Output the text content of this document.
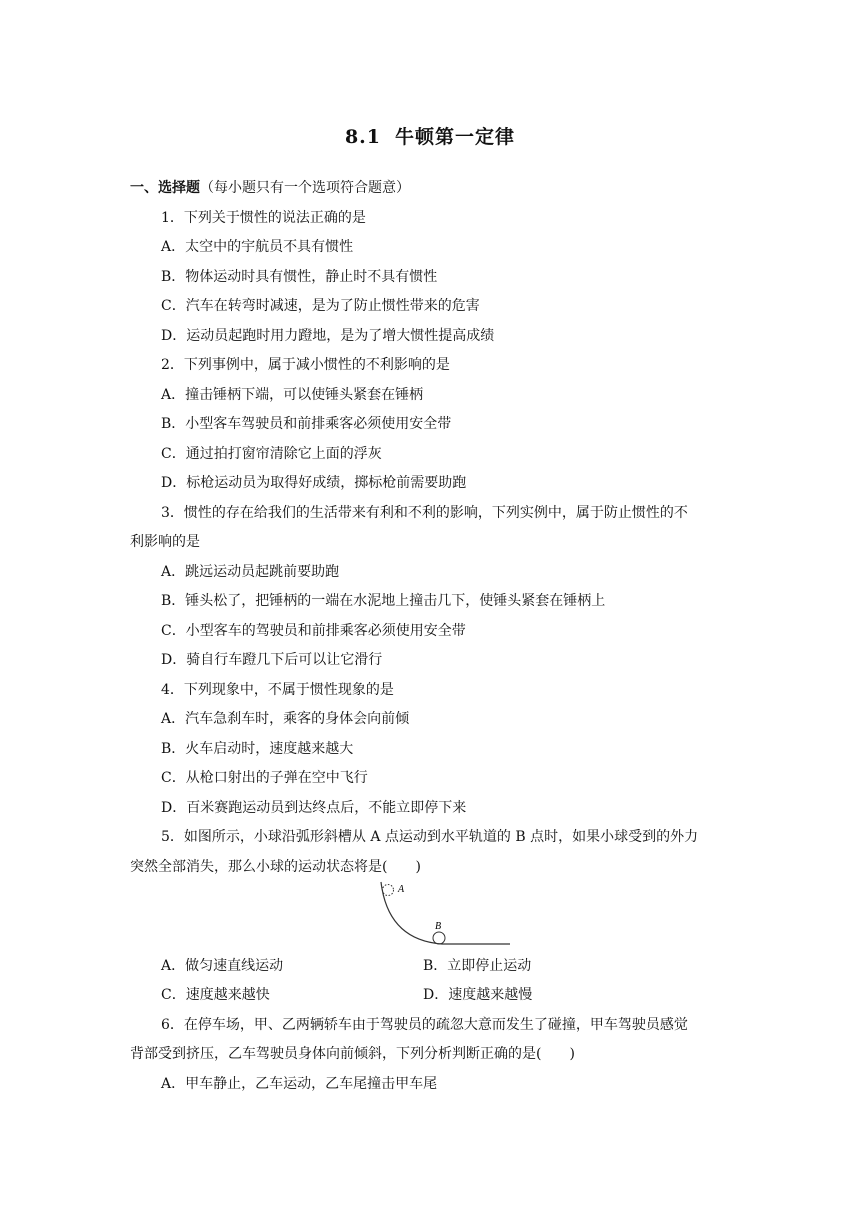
8.1 牛顿第一定律
一、选择题（每小题只有一个选项符合题意）
1．下列关于惯性的说法正确的是
A．太空中的宇航员不具有惯性
B．物体运动时具有惯性，静止时不具有惯性
C．汽车在转弯时减速，是为了防止惯性带来的危害
D．运动员起跑时用力蹬地，是为了增大惯性提高成绩
2．下列事例中，属于减小惯性的不利影响的是
A．撞击锤柄下端，可以使锤头紧套在锤柄
B．小型客车驾驶员和前排乘客必须使用安全带
C．通过拍打窗帘清除它上面的浮灰
D．标枪运动员为取得好成绩，掷标枪前需要助跑
3．惯性的存在给我们的生活带来有利和不利的影响，下列实例中，属于防止惯性的不
利影响的是
A．跳远运动员起跳前要助跑
B．锤头松了，把锤柄的一端在水泥地上撞击几下，使锤头紧套在锤柄上
C．小型客车的驾驶员和前排乘客必须使用安全带
D．骑自行车蹬几下后可以让它滑行
4．下列现象中，不属于惯性现象的是
A．汽车急刹车时，乘客的身体会向前倾
B．火车启动时，速度越来越大
C．从枪口射出的子弹在空中飞行
D．百米赛跑运动员到达终点后，不能立即停下来
5．如图所示，小球沿弧形斜槽从 A 点运动到水平轨道的 B 点时，如果小球受到的外力
突然全部消失，那么小球的运动状态将是(　　)
A
B
A．做匀速直线运动	B．立即停止运动
C．速度越来越快	D．速度越来越慢
6．在停车场，甲、乙两辆轿车由于驾驶员的疏忽大意而发生了碰撞，甲车驾驶员感觉
背部受到挤压，乙车驾驶员身体向前倾斜，下列分析判断正确的是(　　)
A．甲车静止，乙车运动，乙车尾撞击甲车尾
